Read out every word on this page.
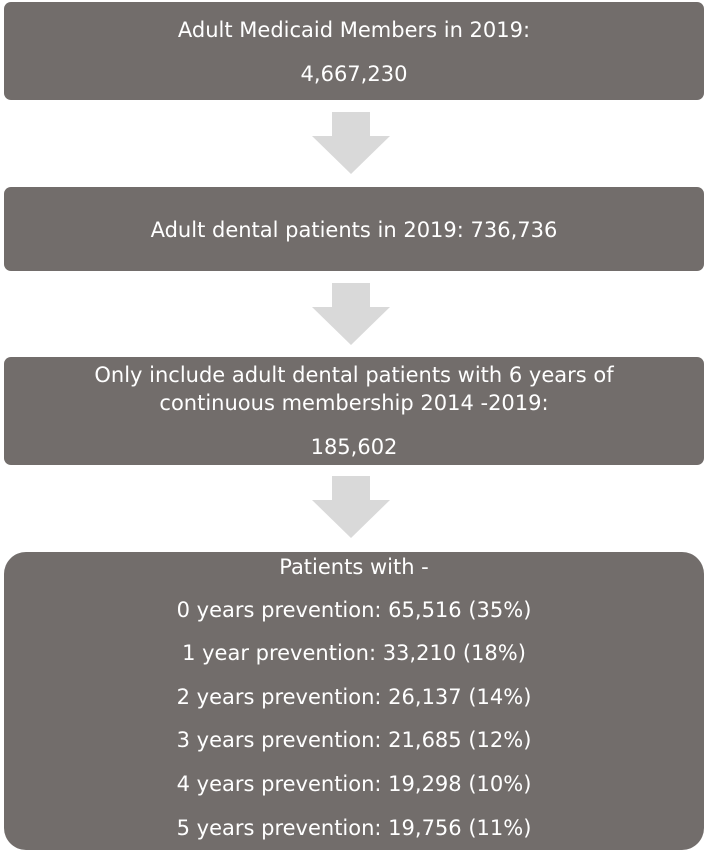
Adult Medicaid Members in 2019:
4,667,230
Adult dental patients in 2019: 736,736
Only include adult dental patients with 6 years of
continuous membership 2014 -2019:
185,602
Patients with -
0 years prevention: 65,516 (35%)
1 year prevention: 33,210 (18%)
2 years prevention: 26,137 (14%)
3 years prevention: 21,685 (12%)
4 years prevention: 19,298 (10%)
5 years prevention: 19,756 (11%)
